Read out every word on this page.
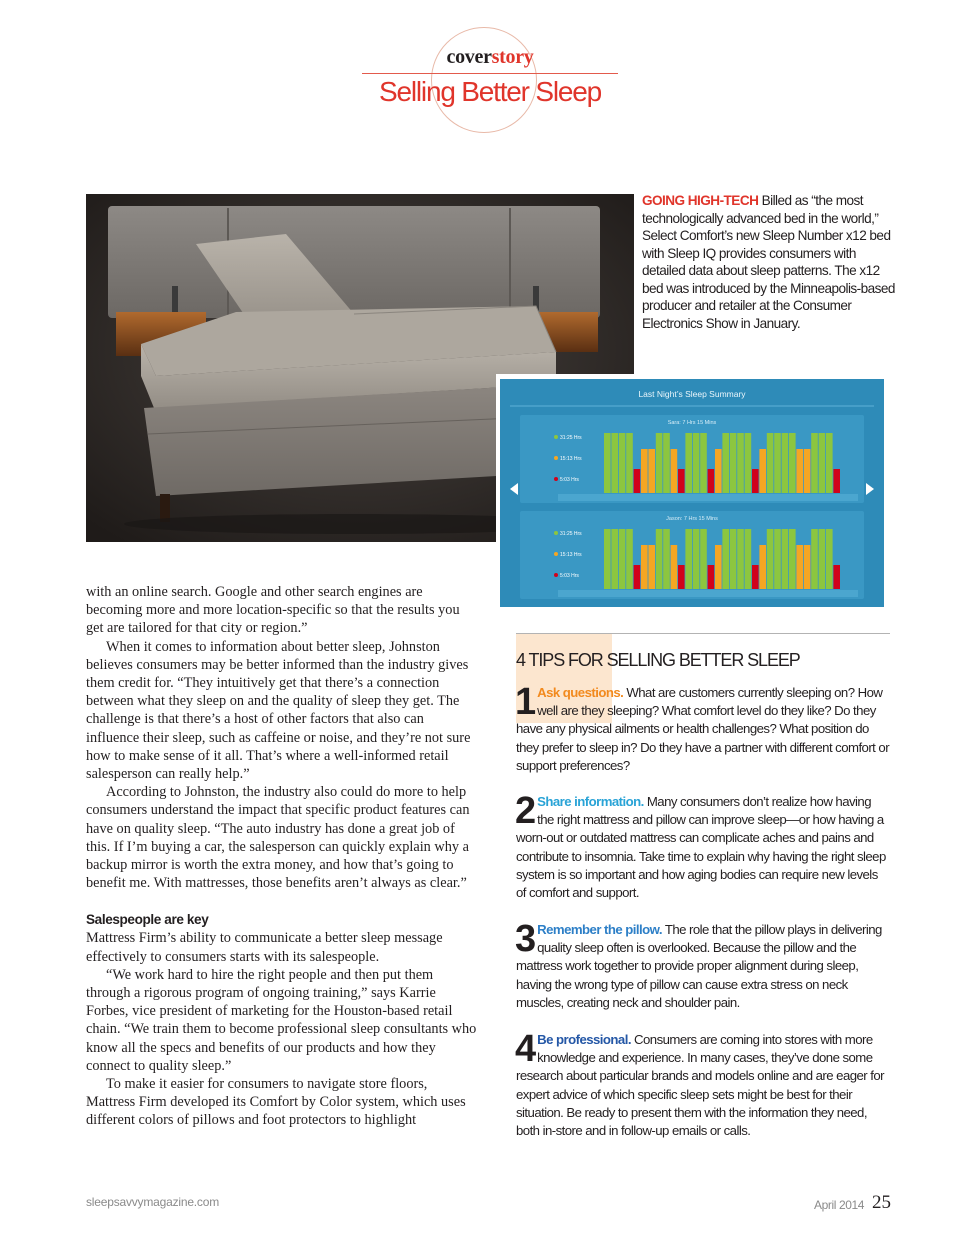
coverstory
Selling Better Sleep
GOING HIGH-TECH Billed as “the most technologically advanced bed in the world,” Select Comfort’s new Sleep Number x12 bed with Sleep IQ provides consumers with detailed data about sleep patterns. The x12 bed was introduced by the Minneapolis-based producer and retailer at the Consumer Electronics Show in January.
Last Night’s Sleep Summary
Sara: 7 Hrs 15 Mins
31:25 Hrs
15:13 Hrs
5:03 Hrs
Jason: 7 Hrs 15 Mins
31:25 Hrs
15:13 Hrs
5:03 Hrs

with an online search. Google and other search engines are becoming more and more location-specific so that the results you get are tailored for that city or region.”

When it comes to information about better sleep, Johnston believes consumers may be better informed than the industry gives them credit for. “They intuitively get that there’s a connection between what they sleep on and the quality of sleep they get. The challenge is that there’s a host of other factors that also can influence their sleep, such as caffeine or noise, and they’re not sure how to make sense of it all. That’s where a well-informed retail salesperson can really help.”

According to Johnston, the industry also could do more to help consumers understand the impact that specific product features can have on quality sleep. “The auto industry has done a great job of this. If I’m buying a car, the salesperson can quickly explain why a backup mirror is worth the extra money, and how that’s going to benefit me. With mattresses, those benefits aren’t always as clear.”

Salespeople are key

Mattress Firm’s ability to communicate a better sleep message effectively to consumers starts with its salespeople.

“We work hard to hire the right people and then put them through a rigorous program of ongoing training,” says Karrie Forbes, vice president of marketing for the Houston-based retail chain. “We train them to become professional sleep consultants who know all the specs and benefits of our products and how they connect to quality sleep.”

To make it easier for consumers to navigate store floors, Mattress Firm developed its Comfort by Color system, which uses different colors of pillows and foot protectors to highlight

4 TIPS FOR SELLING BETTER SLEEP
1 Ask questions. What are customers currently sleeping on? How well are they sleeping? What comfort level do they like? Do they have any physical ailments or health challenges? What position do they prefer to sleep in? Do they have a partner with different comfort or support preferences?
2 Share information. Many consumers don’t realize how having the right mattress and pillow can improve sleep—or how having a worn-out or outdated mattress can complicate aches and pains and contribute to insomnia. Take time to explain why having the right sleep system is so important and how aging bodies can require new levels of comfort and support.
3 Remember the pillow. The role that the pillow plays in delivering quality sleep often is overlooked. Because the pillow and the mattress work together to provide proper alignment during sleep, having the wrong type of pillow can cause extra stress on neck muscles, creating neck and shoulder pain.
4 Be professional. Consumers are coming into stores with more knowledge and experience. In many cases, they’ve done some research about particular brands and models online and are eager for expert advice of which specific sleep sets might be best for their situation. Be ready to present them with the information they need, both in-store and in follow-up emails or calls.
sleepsavvymagazine.com	April 2014 25
